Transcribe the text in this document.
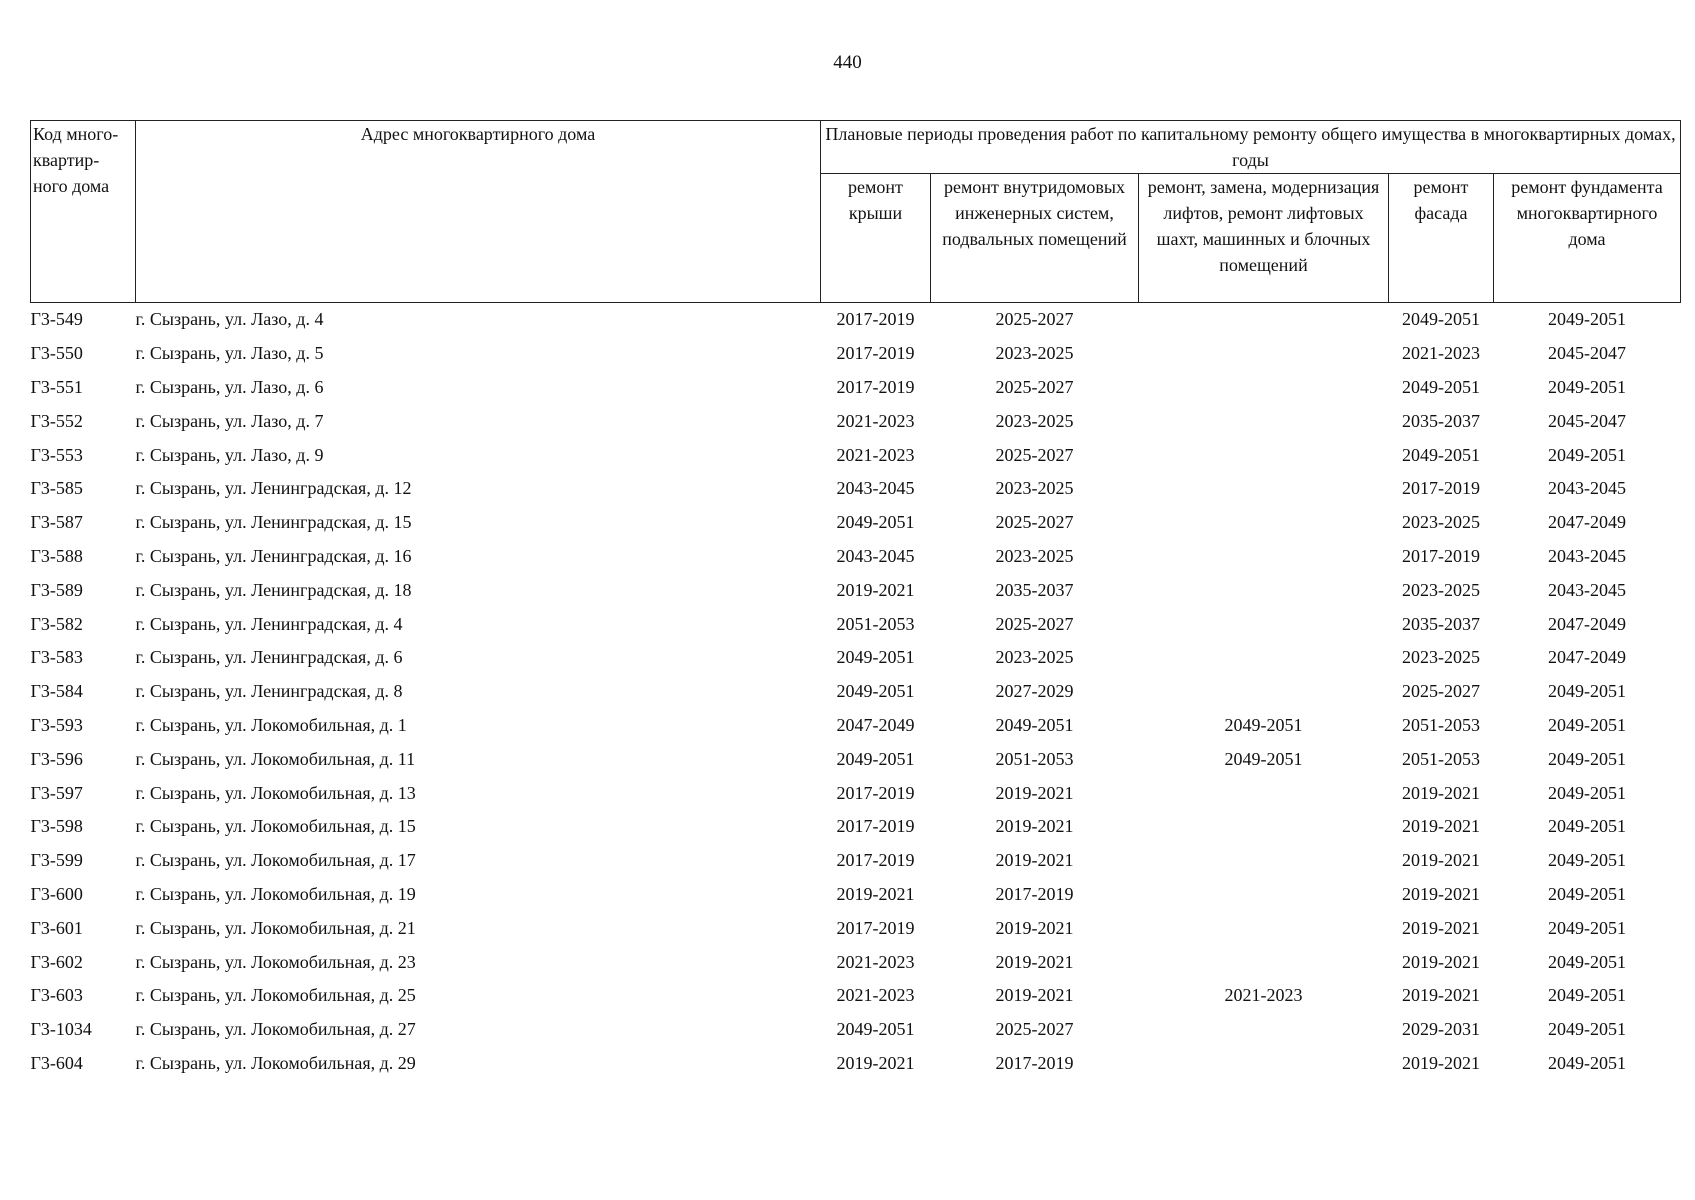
440
Код много-квартир-ного дома	Адрес многоквартирного дома	Плановые периоды проведения работ по капитальному ремонту общего имущества в многоквартирных домах, годы				
		ремонт крыши	ремонт внутридомовых инженерных систем, подвальных помещений	ремонт, замена, модернизация лифтов, ремонт лифтовых шахт, машинных и блочных помещений	ремонт фасада	ремонт фундамента многоквартирного дома
Г3-549	г. Сызрань, ул. Лазо, д. 4	2017-2019	2025-2027		2049-2051	2049-2051
Г3-550	г. Сызрань, ул. Лазо, д. 5	2017-2019	2023-2025		2021-2023	2045-2047
Г3-551	г. Сызрань, ул. Лазо, д. 6	2017-2019	2025-2027		2049-2051	2049-2051
Г3-552	г. Сызрань, ул. Лазо, д. 7	2021-2023	2023-2025		2035-2037	2045-2047
Г3-553	г. Сызрань, ул. Лазо, д. 9	2021-2023	2025-2027		2049-2051	2049-2051
Г3-585	г. Сызрань, ул. Ленинградская, д. 12	2043-2045	2023-2025		2017-2019	2043-2045
Г3-587	г. Сызрань, ул. Ленинградская, д. 15	2049-2051	2025-2027		2023-2025	2047-2049
Г3-588	г. Сызрань, ул. Ленинградская, д. 16	2043-2045	2023-2025		2017-2019	2043-2045
Г3-589	г. Сызрань, ул. Ленинградская, д. 18	2019-2021	2035-2037		2023-2025	2043-2045
Г3-582	г. Сызрань, ул. Ленинградская, д. 4	2051-2053	2025-2027		2035-2037	2047-2049
Г3-583	г. Сызрань, ул. Ленинградская, д. 6	2049-2051	2023-2025		2023-2025	2047-2049
Г3-584	г. Сызрань, ул. Ленинградская, д. 8	2049-2051	2027-2029		2025-2027	2049-2051
Г3-593	г. Сызрань, ул. Локомобильная, д. 1	2047-2049	2049-2051	2049-2051	2051-2053	2049-2051
Г3-596	г. Сызрань, ул. Локомобильная, д. 11	2049-2051	2051-2053	2049-2051	2051-2053	2049-2051
Г3-597	г. Сызрань, ул. Локомобильная, д. 13	2017-2019	2019-2021		2019-2021	2049-2051
Г3-598	г. Сызрань, ул. Локомобильная, д. 15	2017-2019	2019-2021		2019-2021	2049-2051
Г3-599	г. Сызрань, ул. Локомобильная, д. 17	2017-2019	2019-2021		2019-2021	2049-2051
Г3-600	г. Сызрань, ул. Локомобильная, д. 19	2019-2021	2017-2019		2019-2021	2049-2051
Г3-601	г. Сызрань, ул. Локомобильная, д. 21	2017-2019	2019-2021		2019-2021	2049-2051
Г3-602	г. Сызрань, ул. Локомобильная, д. 23	2021-2023	2019-2021		2019-2021	2049-2051
Г3-603	г. Сызрань, ул. Локомобильная, д. 25	2021-2023	2019-2021	2021-2023	2019-2021	2049-2051
Г3-1034	г. Сызрань, ул. Локомобильная, д. 27	2049-2051	2025-2027		2029-2031	2049-2051
Г3-604	г. Сызрань, ул. Локомобильная, д. 29	2019-2021	2017-2019		2019-2021	2049-2051
